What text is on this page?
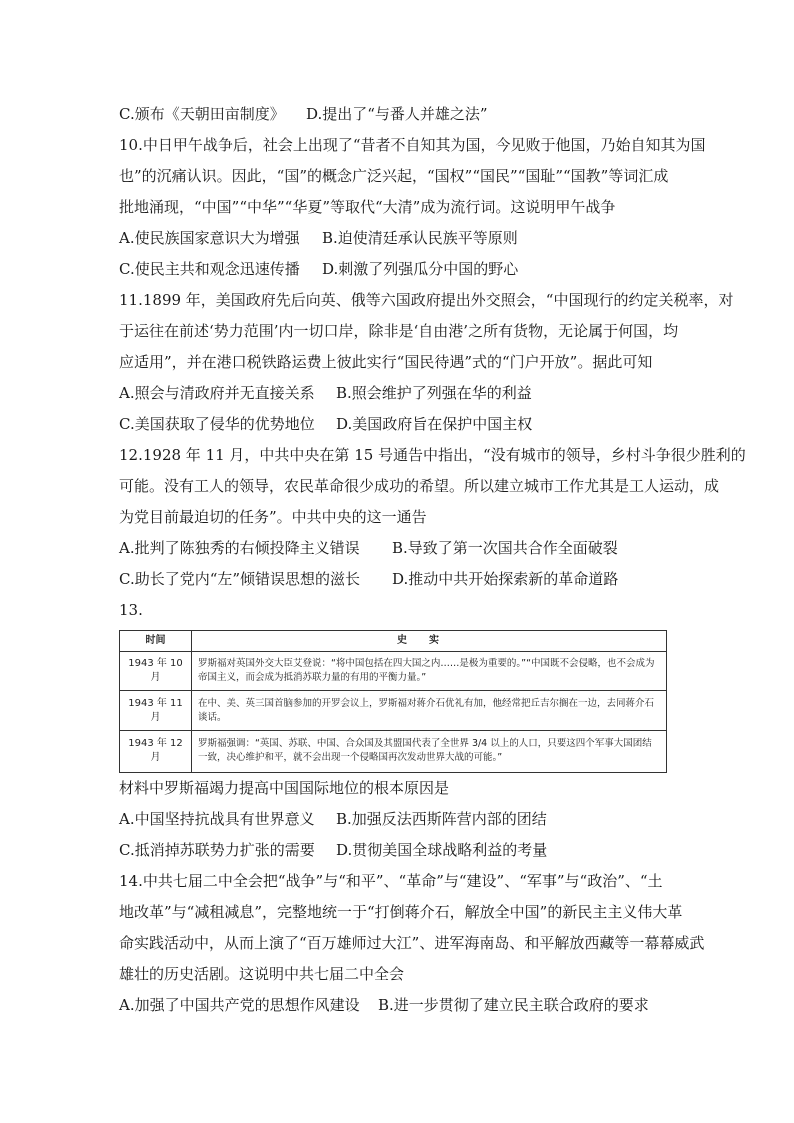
C.颁布《天朝田亩制度》 D.提出了“与番人并雄之法”
10.中日甲午战争后，社会上出现了“昔者不自知其为国，今见败于他国，乃始自知其为国
也”的沉痛认识。因此，“国”的概念广泛兴起，“国权”“国民”“国耻”“国教”等词汇成
批地涌现，“中国”“中华”“华夏”等取代“大清”成为流行词。这说明甲午战争
A.使民族国家意识大为增强 B.迫使清廷承认民族平等原则
C.使民主共和观念迅速传播 D.刺激了列强瓜分中国的野心
11.1899 年，美国政府先后向英、俄等六国政府提出外交照会，“中国现行的约定关税率，对
于运往在前述‘势力范围’内一切口岸，除非是‘自由港’之所有货物，无论属于何国，均
应适用”，并在港口税铁路运费上彼此实行“国民待遇”式的“门户开放”。据此可知
A.照会与清政府并无直接关系 B.照会维护了列强在华的利益
C.美国获取了侵华的优势地位 D.美国政府旨在保护中国主权
12.1928 年 11 月，中共中央在第 15 号通告中指出，“没有城市的领导，乡村斗争很少胜利的
可能。没有工人的领导，农民革命很少成功的希望。所以建立城市工作尤其是工人运动，成
为党目前最迫切的任务”。中共中央的这一通告
A.批判了陈独秀的右倾投降主义错误 B.导致了第一次国共合作全面破裂
C.助长了党内“左”倾错误思想的滋长 D.推动中共开始探索新的革命道路
13.
时间	史实
1943 年 10 月	罗斯福对英国外交大臣艾登说：“将中国包括在四大国之内……是极为重要的。”“中国既不会侵略，也不会成为帝国主义，而会成为抵消苏联力量的有用的平衡力量。”
1943 年 11 月	在中、美、英三国首脑参加的开罗会议上，罗斯福对蒋介石优礼有加，他经常把丘吉尔搁在一边，去同蒋介石谈话。
1943 年 12 月	罗斯福强调：“英国、苏联、中国、合众国及其盟国代表了全世界 3/4 以上的人口，只要这四个军事大国团结一致，决心维护和平，就不会出现一个侵略国再次发动世界大战的可能。”
材料中罗斯福竭力提高中国国际地位的根本原因是
A.中国坚持抗战具有世界意义 B.加强反法西斯阵营内部的团结
C.抵消掉苏联势力扩张的需要 D.贯彻美国全球战略利益的考量
14.中共七届二中全会把“战争”与“和平”、“革命”与“建设”、“军事”与“政治”、“土
地改革”与“减租减息”，完整地统一于“打倒蒋介石，解放全中国”的新民主主义伟大革
命实践活动中，从而上演了“百万雄师过大江”、进军海南岛、和平解放西藏等一幕幕威武
雄壮的历史活剧。这说明中共七届二中全会
A.加强了中国共产党的思想作风建设 B.进一步贯彻了建立民主联合政府的要求
